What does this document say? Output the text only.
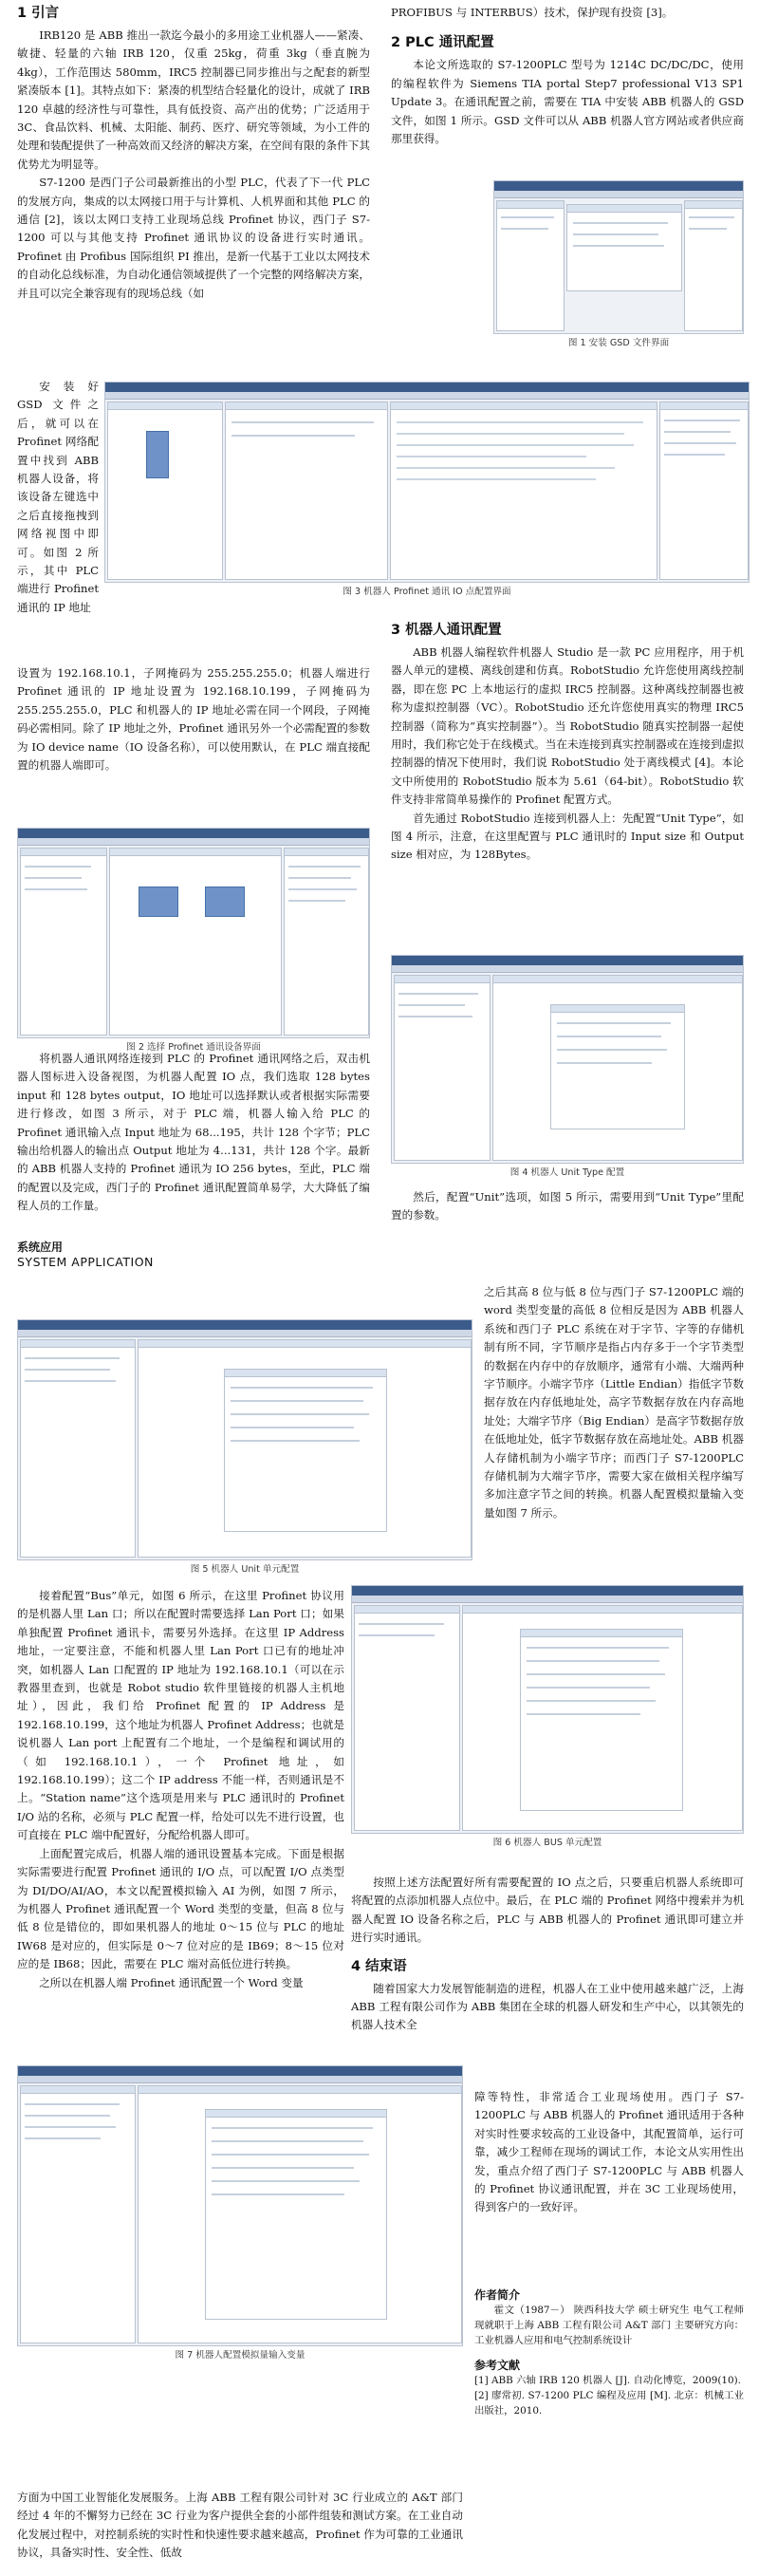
1 引言

IRB120 是 ABB 推出一款迄今最小的多用途工业机器人——紧凑、敏捷、轻量的六轴 IRB 120，仅重 25kg，荷重 3kg（垂直腕为 4kg），工作范围达 580mm，IRC5 控制器已同步推出与之配套的新型紧凑版本 [1]。其特点如下：紧凑的机型结合轻量化的设计，成就了 IRB 120 卓越的经济性与可靠性，具有低投资、高产出的优势；广泛适用于 3C、食品饮料、机械、太阳能、制药、医疗、研究等领域，为小工件的处理和装配提供了一种高效而又经济的解决方案，在空间有限的条件下其优势尤为明显等。

S7-1200 是西门子公司最新推出的小型 PLC，代表了下一代 PLC 的发展方向，集成的以太网接口用于与计算机、人机界面和其他 PLC 的通信 [2]，该以太网口支持工业现场总线 Profinet 协议，西门子 S7-1200 可以与其他支持 Profinet 通讯协议的设备进行实时通讯。Profinet 由 Profibus 国际组织 PI 推出，是新一代基于工业以太网技术的自动化总线标准，为自动化通信领域提供了一个完整的网络解决方案，并且可以完全兼容现有的现场总线（如

安装好 GSD 文件之后，就可以在 Profinet 网络配置中找到 ABB 机器人设备，将该设备左键选中之后直接拖拽到网络视图中即可。如图 2 所示，其中 PLC 端进行 Profinet 通讯的 IP 地址

图 3 机器人 Profinet 通讯 IO 点配置界面

设置为 192.168.10.1，子网掩码为 255.255.255.0；机器人端进行 Profinet 通讯的 IP 地址设置为 192.168.10.199，子网掩码为 255.255.255.0，PLC 和机器人的 IP 地址必需在同一个网段，子网掩码必需相同。除了 IP 地址之外，Profinet 通讯另外一个必需配置的参数为 IO device name（IO 设备名称），可以使用默认，在 PLC 端直接配置的机器人端即可。

图 2 选择 Profinet 通讯设备界面

将机器人通讯网络连接到 PLC 的 Profinet 通讯网络之后，双击机器人图标进入设备视图，为机器人配置 IO 点，我们选取 128 bytes input 和 128 bytes output，IO 地址可以选择默认或者根据实际需要进行修改，如图 3 所示，对于 PLC 端，机器人输入给 PLC 的 Profinet 通讯输入点 Input 地址为 68...195，共计 128 个字节；PLC 输出给机器人的输出点 Output 地址为 4...131，共计 128 个字。最新的 ABB 机器人支持的 Profinet 通讯为 IO 256 bytes，至此，PLC 端的配置以及完成，西门子的 Profinet 通讯配置简单易学，大大降低了编程人员的工作量。

PROFIBUS 与 INTERBUS）技术，保护现有投资 [3]。

2 PLC 通讯配置

本论文所选取的 S7-1200PLC 型号为 1214C DC/DC/DC，使用的编程软件为 Siemens TIA portal Step7 professional V13 SP1 Update 3。在通讯配置之前，需要在 TIA 中安装 ABB 机器人的 GSD 文件，如图 1 所示。GSD 文件可以从 ABB 机器人官方网站或者供应商那里获得。

图 1 安装 GSD 文件界面
3 机器人通讯配置

ABB 机器人编程软件机器人 Studio 是一款 PC 应用程序，用于机器人单元的建模、离线创建和仿真。RobotStudio 允许您使用离线控制器，即在您 PC 上本地运行的虚拟 IRC5 控制器。这种离线控制器也被称为虚拟控制器（VC）。RobotStudio 还允许您使用真实的物理 IRC5 控制器（简称为“真实控制器”）。当 RobotStudio 随真实控制器一起使用时，我们称它处于在线模式。当在未连接到真实控制器或在连接到虚拟控制器的情况下使用时，我们说 RobotStudio 处于离线模式 [4]。本论文中所使用的 RobotStudio 版本为 5.61（64-bit）。RobotStudio 软件支持非常简单易操作的 Profinet 配置方式。

首先通过 RobotStudio 连接到机器人上：先配置“Unit Type”，如图 4 所示，注意，在这里配置与 PLC 通讯时的 Input size 和 Output size 相对应，为 128Bytes。

图 4 机器人 Unit Type 配置

然后，配置“Unit”选项，如图 5 所示，需要用到“Unit Type”里配置的参数。

系统应用
SYSTEM APPLICATION
图 5 机器人 Unit 单元配置

接着配置“Bus”单元，如图 6 所示，在这里 Profinet 协议用的是机器人里 Lan 口；所以在配置时需要选择 Lan Port 口；如果单独配置 Profinet 通讯卡，需要另外选择。在这里 IP Address 地址，一定要注意，不能和机器人里 Lan Port 口已有的地址冲突，如机器人 Lan 口配置的 IP 地址为 192.168.10.1（可以在示教器里查到，也就是 Robot studio 软件里链接的机器人主机地址），因此，我们给 Profinet 配置的 IP Address 是 192.168.10.199，这个地址为机器人 Profinet Address；也就是说机器人 Lan port 上配置有二个地址，一个是编程和调试用的（如 192.168.10.1），一个 Profinet 地址，如 192.168.10.199）；这二个 IP address 不能一样，否则通讯是不上。“Station name”这个选项是用来与 PLC 通讯时的 Profinet I/O 站的名称，必须与 PLC 配置一样，给处可以先不进行设置，也可直接在 PLC 端中配置好，分配给机器人即可。

上面配置完成后，机器人端的通讯设置基本完成。下面是根据实际需要进行配置 Profinet 通讯的 I/O 点，可以配置 I/O 点类型为 DI/DO/AI/AO，本文以配置模拟输入 AI 为例，如图 7 所示，为机器人 Profinet 通讯配置一个 Word 类型的变量，但高 8 位与低 8 位是错位的，即如果机器人的地址 0～15 位与 PLC 的地址 IW68 是对应的，但实际是 0～7 位对应的是 IB69；8～15 位对应的是 IB68；因此，需要在 PLC 端对高低位进行转换。

之所以在机器人端 Profinet 通讯配置一个 Word 变量

之后其高 8 位与低 8 位与西门子 S7-1200PLC 端的 word 类型变量的高低 8 位相反是因为 ABB 机器人系统和西门子 PLC 系统在对于字节、字等的存储机制有所不同，字节顺序是指占内存多于一个字节类型的数据在内存中的存放顺序，通常有小端、大端两种字节顺序。小端字节序（Little Endian）指低字节数据存放在内存低地址处，高字节数据存放在内存高地址处；大端字节序（Big Endian）是高字节数据存放在低地址处，低字节数据存放在高地址处。ABB 机器人存储机制为小端字节序；而西门子 S7-1200PLC 存储机制为大端字节序，需要大家在做相关程序编写多加注意字节之间的转换。机器人配置模拟量输入变量如图 7 所示。

图 6 机器人 BUS 单元配置

按照上述方法配置好所有需要配置的 IO 点之后，只要重启机器人系统即可将配置的点添加机器人点位中。最后，在 PLC 端的 Profinet 网络中搜索并为机器人配置 IO 设备名称之后，PLC 与 ABB 机器人的 Profinet 通讯即可建立并进行实时通讯。

4 结束语

随着国家大力发展智能制造的进程，机器人在工业中使用越来越广泛，上海 ABB 工程有限公司作为 ABB 集团在全球的机器人研发和生产中心，以其领先的机器人技术全

图 7 机器人配置模拟量输入变量

障等特性，非常适合工业现场使用。西门子 S7-1200PLC 与 ABB 机器人的 Profinet 通讯适用于各种对实时性要求较高的工业设备中，其配置简单，运行可靠，减少工程师在现场的调试工作，本论文从实用性出发，重点介绍了西门子 S7-1200PLC 与 ABB 机器人的 Profinet 协议通讯配置，并在 3C 工业现场使用，得到客户的一致好评。

作者简介

霍文（1987－） 陕西科技大学 硕士研究生 电气工程师 现就职于上海 ABB 工程有限公司 A&T 部门 主要研究方向：工业机器人应用和电气控制系统设计

参考文献

[1] ABB 六轴 IRB 120 机器人 [J]. 自动化博览，2009(10).

[2] 廖常初. S7-1200 PLC 编程及应用 [M]. 北京：机械工业出版社，2010.

方面为中国工业智能化发展服务。上海 ABB 工程有限公司针对 3C 行业成立的 A&T 部门经过 4 年的不懈努力已经在 3C 行业为客户提供全套的小部件组装和测试方案。在工业自动化发展过程中，对控制系统的实时性和快速性要求越来越高，Profinet 作为可靠的工业通讯协议，具备实时性、安全性、低故
